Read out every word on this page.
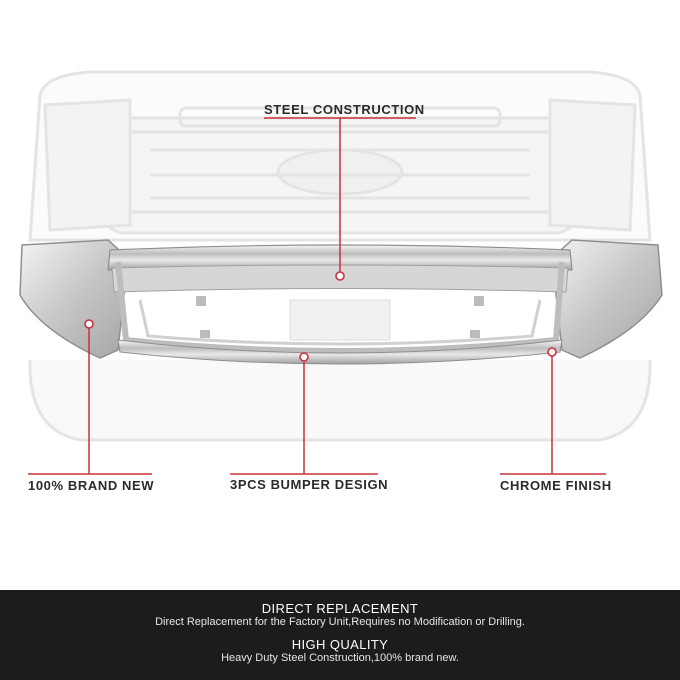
STEEL CONSTRUCTION
100% BRAND NEW	3PCS BUMPER DESIGN	CHROME FINISH
DIRECT REPLACEMENT
Direct Replacement for the Factory Unit,Requires no Modification or Drilling.
HIGH QUALITY
Heavy Duty Steel Construction,100% brand new.
